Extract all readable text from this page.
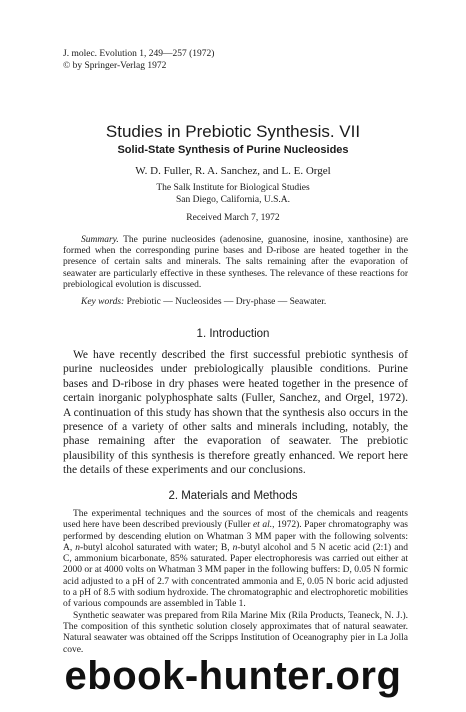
J. molec. Evolution 1, 249—257 (1972)
© by Springer-Verlag 1972
Studies in Prebiotic Synthesis. VII
Solid-State Synthesis of Purine Nucleosides
W. D. Fuller, R. A. Sanchez, and L. E. Orgel
The Salk Institute for Biological Studies
San Diego, California, U.S.A.
Received March 7, 1972

Summary. The purine nucleosides (adenosine, guanosine, inosine, xanthosine) are formed when the corresponding purine bases and D-ribose are heated together in the presence of certain salts and minerals. The salts remaining after the evaporation of seawater are particularly effective in these syntheses. The relevance of these reactions for prebiological evolution is discussed.

Key words: Prebiotic — Nucleosides — Dry-phase — Seawater.

1. Introduction

We have recently described the first successful prebiotic synthesis of purine nucleosides under prebiologically plausible conditions. Purine bases and D-ribose in dry phases were heated together in the presence of certain inorganic polyphosphate salts (Fuller, Sanchez, and Orgel, 1972). A continuation of this study has shown that the synthesis also occurs in the presence of a variety of other salts and minerals including, notably, the phase remaining after the evaporation of seawater. The prebiotic plausibility of this synthesis is therefore greatly enhanced. We report here the details of these experiments and our conclusions.

2. Materials and Methods

The experimental techniques and the sources of most of the chemicals and reagents used here have been described previously (Fuller et al., 1972). Paper chromatography was performed by descending elution on Whatman 3 MM paper with the following solvents: A, n-butyl alcohol saturated with water; B, n-butyl alcohol and 5 N acetic acid (2:1) and C, ammonium bicarbonate, 85% saturated. Paper electrophoresis was carried out either at 2000 or at 4000 volts on Whatman 3 MM paper in the following buffers: D, 0.05 N formic acid adjusted to a pH of 2.7 with concentrated ammonia and E, 0.05 N boric acid adjusted to a pH of 8.5 with sodium hydroxide. The chromatographic and electrophoretic mobilities of various compounds are assembled in Table 1.

Synthetic seawater was prepared from Rila Marine Mix (Rila Products, Teaneck, N. J.). The composition of this synthetic solution closely approximates that of natural seawater. Natural seawater was obtained off the Scripps Institution of Oceanography pier in La Jolla cove.

ebook-hunter.org
